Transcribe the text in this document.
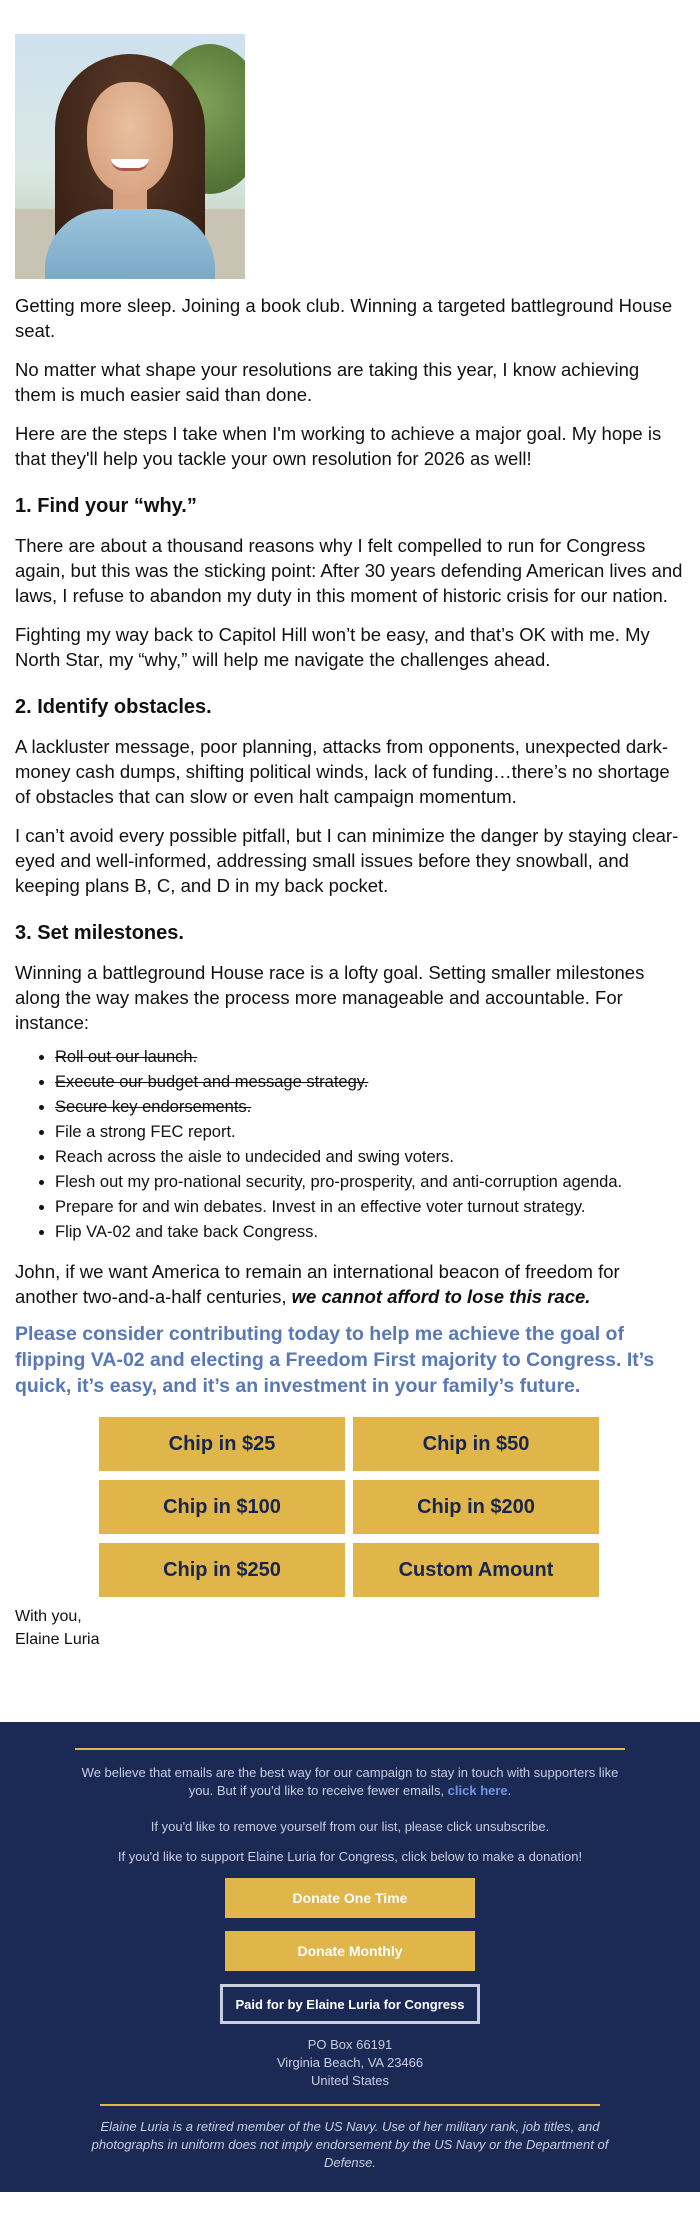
Getting more sleep. Joining a book club. Winning a targeted battleground House seat.

No matter what shape your resolutions are taking this year, I know achieving them is much easier said than done.

Here are the steps I take when I'm working to achieve a major goal. My hope is that they'll help you tackle your own resolution for 2026 as well!

1. Find your “why.”

There are about a thousand reasons why I felt compelled to run for Congress again, but this was the sticking point: After 30 years defending American lives and laws, I refuse to abandon my duty in this moment of historic crisis for our nation.

Fighting my way back to Capitol Hill won’t be easy, and that’s OK with me. My North Star, my “why,” will help me navigate the challenges ahead.

2. Identify obstacles.

A lackluster message, poor planning, attacks from opponents, unexpected dark-money cash dumps, shifting political winds, lack of funding…there’s no shortage of obstacles that can slow or even halt campaign momentum.

I can’t avoid every possible pitfall, but I can minimize the danger by staying clear-eyed and well-informed, addressing small issues before they snowball, and keeping plans B, C, and D in my back pocket.

3. Set milestones.

Winning a battleground House race is a lofty goal. Setting smaller milestones along the way makes the process more manageable and accountable. For instance:

• Roll out our launch.
• Execute our budget and message strategy.
• Secure key endorsements.
• File a strong FEC report.
• Reach across the aisle to undecided and swing voters.
• Flesh out my pro-national security, pro-prosperity, and anti-corruption agenda.
• Prepare for and win debates. Invest in an effective voter turnout strategy.
• Flip VA-02 and take back Congress.

John, if we want America to remain an international beacon of freedom for another two-and-a-half centuries, we cannot afford to lose this race.

Please consider contributing today to help me achieve the goal of flipping VA-02 and electing a Freedom First majority to Congress. It’s quick, it’s easy, and it’s an investment in your family’s future.

Chip in $25	Chip in $50
Chip in $100	Chip in $200
Chip in $250	Custom Amount
With you,
Elaine Luria

We believe that emails are the best way for our campaign to stay in touch with supporters like you. But if you'd like to receive fewer emails, click here.

If you'd like to remove yourself from our list, please click unsubscribe.

If you'd like to support Elaine Luria for Congress, click below to make a donation!

Donate One Time
Donate Monthly
Paid for by Elaine Luria for Congress

PO Box 66191

Virginia Beach, VA 23466

United States

Elaine Luria is a retired member of the US Navy. Use of her military rank, job titles, and photographs in uniform does not imply endorsement by the US Navy or the Department of Defense.
